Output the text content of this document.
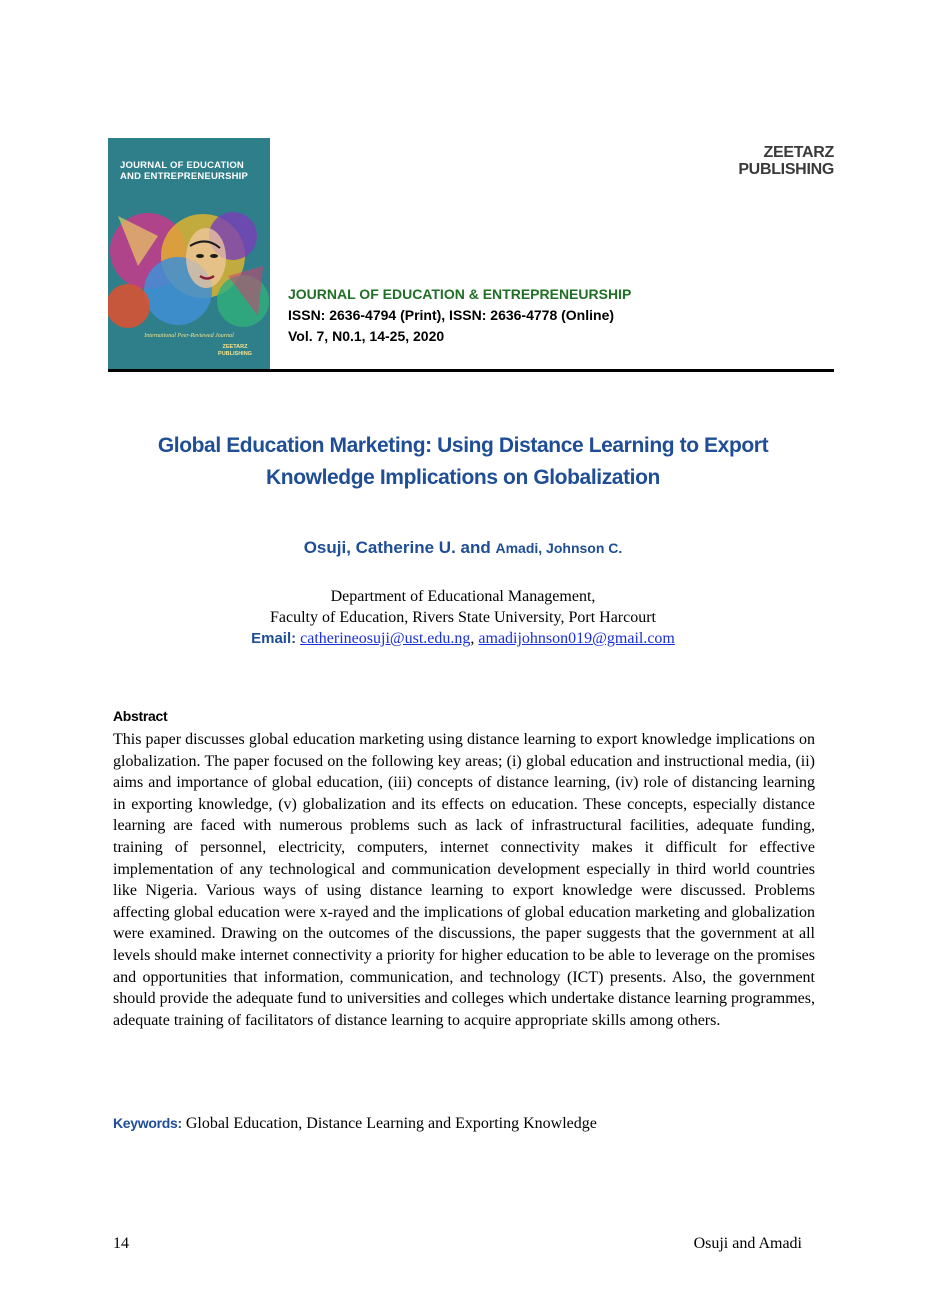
JOURNAL OF EDUCATION AND ENTREPRENEURSHIP
International Peer-Reviewed Journal
ZEETARZ PUBLISHING
ZEETARZ
PUBLISHING
JOURNAL OF EDUCATION & ENTREPRENEURSHIP
ISSN: 2636-4794 (Print), ISSN: 2636-4778 (Online)
Vol. 7, N0.1, 14-25, 2020
Global Education Marketing: Using Distance Learning to Export
Knowledge Implications on Globalization
Osuji, Catherine U. and Amadi, Johnson C.
Department of Educational Management,
Faculty of Education, Rivers State University, Port Harcourt
Email: catherineosuji@ust.edu.ng, amadijohnson019@gmail.com
Abstract
This paper discusses global education marketing using distance learning to export knowledge implications on globalization. The paper focused on the following key areas; (i) global education and instructional media, (ii) aims and importance of global education, (iii) concepts of distance learning, (iv) role of distancing learning in exporting knowledge, (v) globalization and its effects on education. These concepts, especially distance learning are faced with numerous problems such as lack of infrastructural facilities, adequate funding, training of personnel, electricity, computers, internet connectivity makes it difficult for effective implementation of any technological and communication development especially in third world countries like Nigeria. Various ways of using distance learning to export knowledge were discussed. Problems affecting global education were x-rayed and the implications of global education marketing and globalization were examined. Drawing on the outcomes of the discussions, the paper suggests that the government at all levels should make internet connectivity a priority for higher education to be able to leverage on the promises and opportunities that information, communication, and technology (ICT) presents. Also, the government should provide the adequate fund to universities and colleges which undertake distance learning programmes, adequate training of facilitators of distance learning to acquire appropriate skills among others.
Keywords: Global Education, Distance Learning and Exporting Knowledge
14	Osuji and Amadi
